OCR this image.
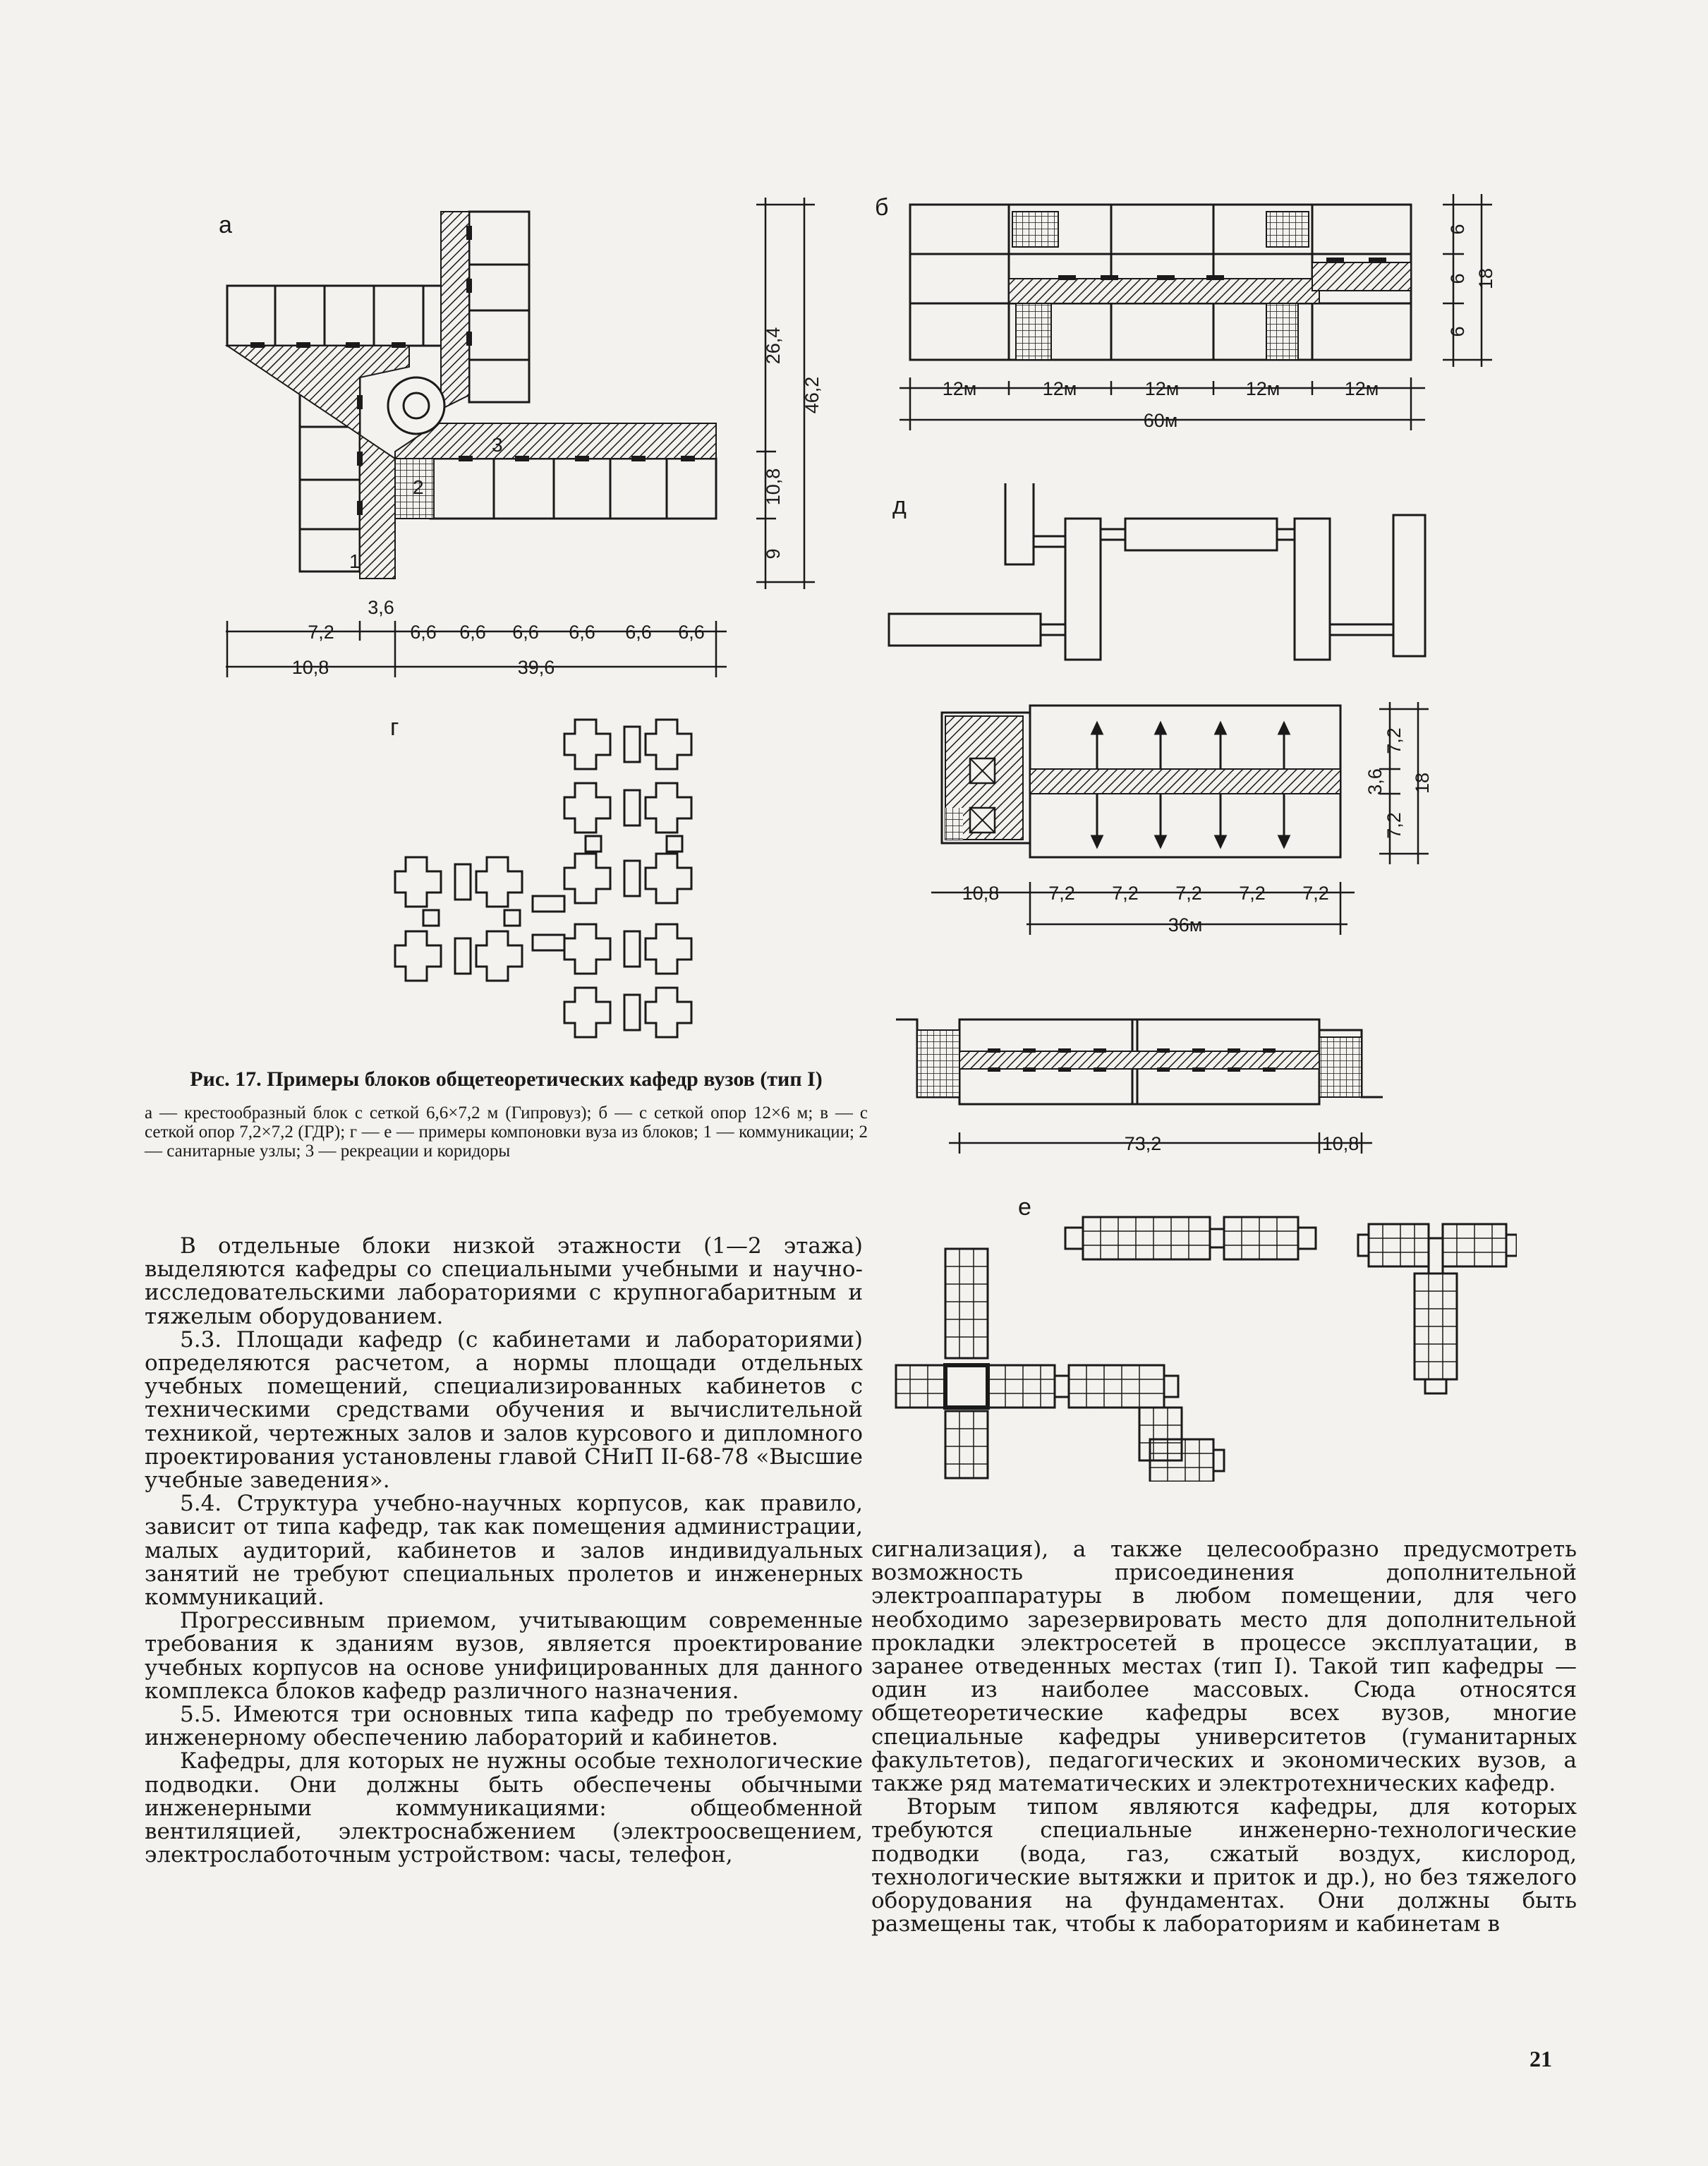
а
1
2
3
26,4
10,8
9
46,2
7,2
3,6
6,6 6,6 6,6 6,6 6,6 6,6
10,8	39,6
б
12м	12м	12м	12м	12м
60м
6
6
6
18
д
10,8	7,2 7,2 7,2 7,2 7,2
36м
7,2
3,6
7,2
18
73,2	10,8
г
е

Рис. 17. Примеры блоков общетеоретических кафедр вузов (тип I)

а — крестообразный блок с сеткой 6,6×7,2 м (Гипровуз); б — с сеткой опор 12×6 м; в — с сеткой опор 7,2×7,2 (ГДР); г — е — примеры компоновки вуза из блоков; 1 — коммуникации; 2 — санитарные узлы; 3 — рекреации и коридоры

В отдельные блоки низкой этажности (1—2 этажа) выделяются кафедры со специальными учебными и научно-исследовательскими лабораториями с крупногабаритным и тяжелым оборудованием.

5.3. Площади кафедр (с кабинетами и лабораториями) определяются расчетом, а нормы площади отдельных учебных помещений, специализированных кабинетов с техническими средствами обучения и вычислительной техникой, чертежных залов и залов курсового и дипломного проектирования установлены главой СНиП II-68-78 «Высшие учебные заведения».

5.4. Структура учебно-научных корпусов, как правило, зависит от типа кафедр, так как помещения администрации, малых аудиторий, кабинетов и залов индивидуальных занятий не требуют специальных пролетов и инженерных коммуникаций.

Прогрессивным приемом, учитывающим современные требования к зданиям вузов, является проектирование учебных корпусов на основе унифицированных для данного комплекса блоков кафедр различного назначения.

5.5. Имеются три основных типа кафедр по требуемому инженерному обеспечению лабораторий и кабинетов.

Кафедры, для которых не нужны особые технологические подводки. Они должны быть обеспечены обычными инженерными коммуникациями: общеобменной вентиляцией, электроснабжением (электроосвещением, электрослаботочным устройством: часы, телефон,

сигнализация), а также целесообразно предусмотреть возможность присоединения дополнительной электроаппаратуры в любом помещении, для чего необходимо зарезервировать место для дополнительной прокладки электросетей в процессе эксплуатации, в заранее отведенных местах (тип I). Такой тип кафедры — один из наиболее массовых. Сюда относятся общетеоретические кафедры всех вузов, многие специальные кафедры университетов (гуманитарных факультетов), педагогических и экономических вузов, а также ряд математических и электротехнических кафедр.

Вторым типом являются кафедры, для которых требуются специальные инженерно-технологические подводки (вода, газ, сжатый воздух, кислород, технологические вытяжки и приток и др.), но без тяжелого оборудования на фундаментах. Они должны быть размещены так, чтобы к лабораториям и кабинетам в

21
